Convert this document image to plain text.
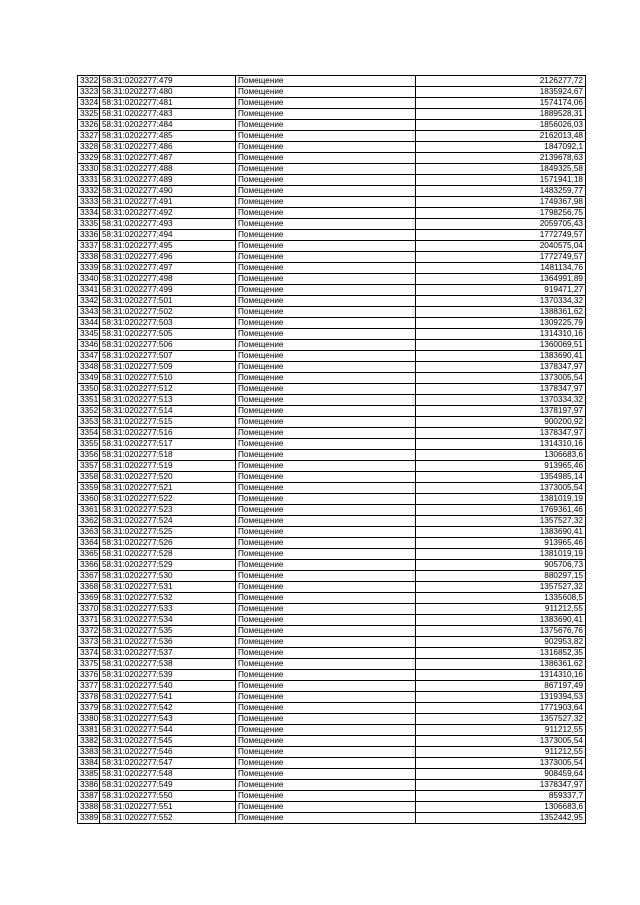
3322	58:31:0202277:479	Помещение	2126277,72
3323	58:31:0202277:480	Помещение	1835924,67
3324	58:31:0202277:481	Помещение	1574174,06
3325	58:31:0202277:483	Помещение	1889528,31
3326	58:31:0202277:484	Помещение	1856026,03
3327	58:31:0202277:485	Помещение	2162013,48
3328	58:31:0202277:486	Помещение	1847092,1
3329	58:31:0202277:487	Помещение	2139678,63
3330	58:31:0202277:488	Помещение	1849325,58
3331	58:31:0202277:489	Помещение	1571941,18
3332	58:31:0202277:490	Помещение	1483259,77
3333	58:31:0202277:491	Помещение	1749367,98
3334	58:31:0202277:492	Помещение	1798256,75
3335	58:31:0202277:493	Помещение	2059705,43
3336	58:31:0202277:494	Помещение	1772749,57
3337	58:31:0202277:495	Помещение	2040575,04
3338	58:31:0202277:496	Помещение	1772749,57
3339	58:31:0202277:497	Помещение	1481134,76
3340	58:31:0202277:498	Помещение	1364991,89
3341	58:31:0202277:499	Помещение	919471,27
3342	58:31:0202277:501	Помещение	1370334,32
3343	58:31:0202277:502	Помещение	1388361,62
3344	58:31:0202277:503	Помещение	1309225,79
3345	58:31:0202277:505	Помещение	1314310,16
3346	58:31:0202277:506	Помещение	1360069,51
3347	58:31:0202277:507	Помещение	1383690,41
3348	58:31:0202277:509	Помещение	1378347,97
3349	58:31:0202277:510	Помещение	1373005,54
3350	58:31:0202277:512	Помещение	1378347,97
3351	58:31:0202277:513	Помещение	1370334,32
3352	58:31:0202277:514	Помещение	1378197,97
3353	58:31:0202277:515	Помещение	900200,92
3354	58:31:0202277:516	Помещение	1378347,97
3355	58:31:0202277:517	Помещение	1314310,16
3356	58:31:0202277:518	Помещение	1306683,6
3357	58:31:0202277:519	Помещение	913965,46
3358	58:31:0202277:520	Помещение	1354985,14
3359	58:31:0202277:521	Помещение	1373005,54
3360	58:31:0202277:522	Помещение	1381019,19
3361	58:31:0202277:523	Помещение	1769361,46
3362	58:31:0202277:524	Помещение	1357527,32
3363	58:31:0202277:525	Помещение	1383690,41
3364	58:31:0202277:526	Помещение	913965,46
3365	58:31:0202277:528	Помещение	1381019,19
3366	58:31:0202277:529	Помещение	905706,73
3367	58:31:0202277:530	Помещение	880297,15
3368	58:31:0202277:531	Помещение	1357527,32
3369	58:31:0202277:532	Помещение	1335608,5
3370	58:31:0202277:533	Помещение	911212,55
3371	58:31:0202277:534	Помещение	1383690,41
3372	58:31:0202277:535	Помещение	1375676,76
3373	58:31:0202277:536	Помещение	902953,82
3374	58:31:0202277:537	Помещение	1316852,35
3375	58:31:0202277:538	Помещение	1386361,62
3376	58:31:0202277:539	Помещение	1314310,16
3377	58:31:0202277:540	Помещение	867197,49
3378	58:31:0202277:541	Помещение	1319394,53
3379	58:31:0202277:542	Помещение	1771903,64
3380	58:31:0202277:543	Помещение	1357527,32
3381	58:31:0202277:544	Помещение	911212,55
3382	58:31:0202277:545	Помещение	1373005,54
3383	58:31:0202277:546	Помещение	911212,55
3384	58:31:0202277:547	Помещение	1373005,54
3385	58:31:0202277:548	Помещение	908459,64
3386	58:31:0202277:549	Помещение	1378347,97
3387	58:31:0202277:550	Помещение	859337,7
3388	58:31:0202277:551	Помещение	1306683,6
3389	58:31:0202277:552	Помещение	1352442,95
